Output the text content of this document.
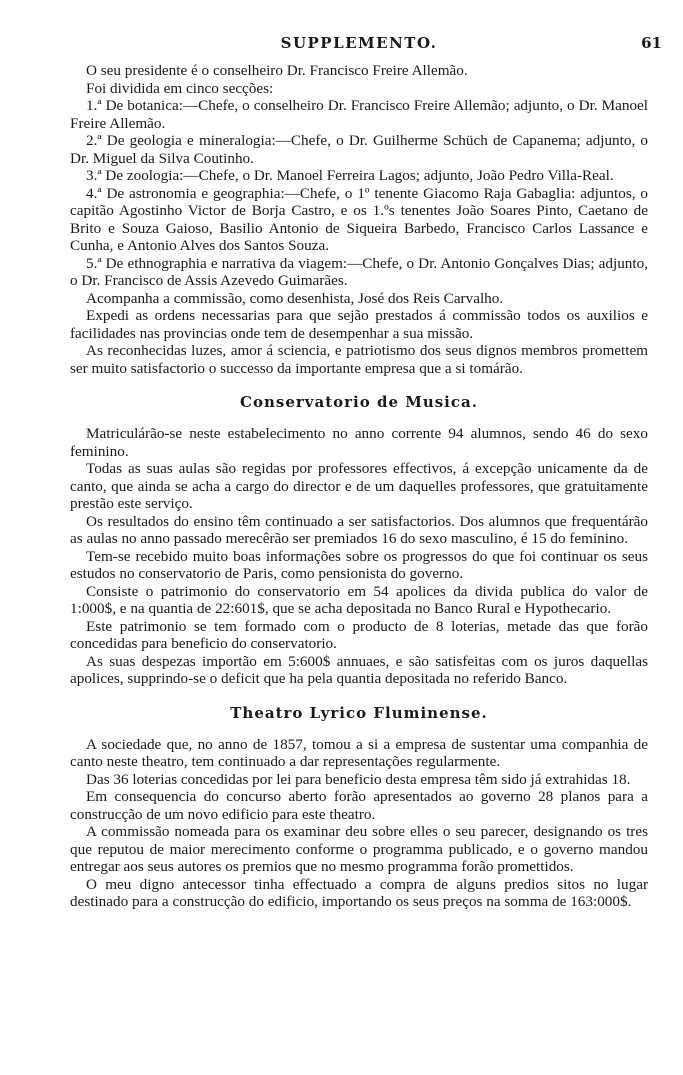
SUPPLEMENTO.	61

O seu presidente é o conselheiro Dr. Francisco Freire Allemão.

Foi dividida em cinco secções:

1.ª De botanica:—Chefe, o conselheiro Dr. Francisco Freire Allemão; adjunto, o Dr. Manoel Freire Allemão.

2.ª De geologia e mineralogia:—Chefe, o Dr. Guilherme Schüch de Capanema; adjunto, o Dr. Miguel da Silva Coutinho.

3.ª De zoologia:—Chefe, o Dr. Manoel Ferreira Lagos; adjunto, João Pedro Villa-Real.

4.ª De astronomia e geographia:—Chefe, o 1º tenente Giacomo Raja Gabaglia: adjuntos, o capitão Agostinho Victor de Borja Castro, e os 1.ºs tenentes João Soares Pinto, Caetano de Brito e Souza Gaioso, Basilio Antonio de Siqueira Barbedo, Francisco Carlos Lassance e Cunha, e Antonio Alves dos Santos Souza.

5.ª De ethnographia e narrativa da viagem:—Chefe, o Dr. Antonio Gonçalves Dias; adjunto, o Dr. Francisco de Assis Azevedo Guimarães.

Acompanha a commissão, como desenhista, José dos Reis Carvalho.

Expedi as ordens necessarias para que sejão prestados á commissão todos os auxilios e facilidades nas provincias onde tem de desempenhar a sua missão.

As reconhecidas luzes, amor á sciencia, e patriotismo dos seus dignos membros promettem ser muito satisfactorio o successo da importante empresa que a si tomárão.

Conservatorio de Musica.

Matriculárão-se neste estabelecimento no anno corrente 94 alumnos, sendo 46 do sexo feminino.

Todas as suas aulas são regidas por professores effectivos, á excepção unicamente da de canto, que ainda se acha a cargo do director e de um daquelles professores, que gratuitamente prestão este serviço.

Os resultados do ensino têm continuado a ser satisfactorios. Dos alumnos que frequentárão as aulas no anno passado merecêrão ser premiados 16 do sexo masculino, é 15 do feminino.

Tem-se recebido muito boas informações sobre os progressos do que foi continuar os seus estudos no conservatorio de Paris, como pensionista do governo.

Consiste o patrimonio do conservatorio em 54 apolices da divida publica do valor de 1:000$, e na quantia de 22:601$, que se acha depositada no Banco Rural e Hypothecario.

Este patrimonio se tem formado com o producto de 8 loterias, metade das que forão concedidas para beneficio do conservatorio.

As suas despezas importão em 5:600$ annuaes, e são satisfeitas com os juros daquellas apolices, supprindo-se o deficit que ha pela quantia depositada no referido Banco.

Theatro Lyrico Fluminense.

A sociedade que, no anno de 1857, tomou a si a empresa de sustentar uma companhia de canto neste theatro, tem continuado a dar representações regularmente.

Das 36 loterias concedidas por lei para beneficio desta empresa têm sido já extrahidas 18.

Em consequencia do concurso aberto forão apresentados ao governo 28 planos para a construcção de um novo edificio para este theatro.

A commissão nomeada para os examinar deu sobre elles o seu parecer, designando os tres que reputou de maior merecimento conforme o programma publicado, e o governo mandou entregar aos seus autores os premios que no mesmo programma forão promettidos.

O meu digno antecessor tinha effectuado a compra de alguns predios sitos no lugar destinado para a construcção do edificio, importando os seus preços na somma de 163:000$.
